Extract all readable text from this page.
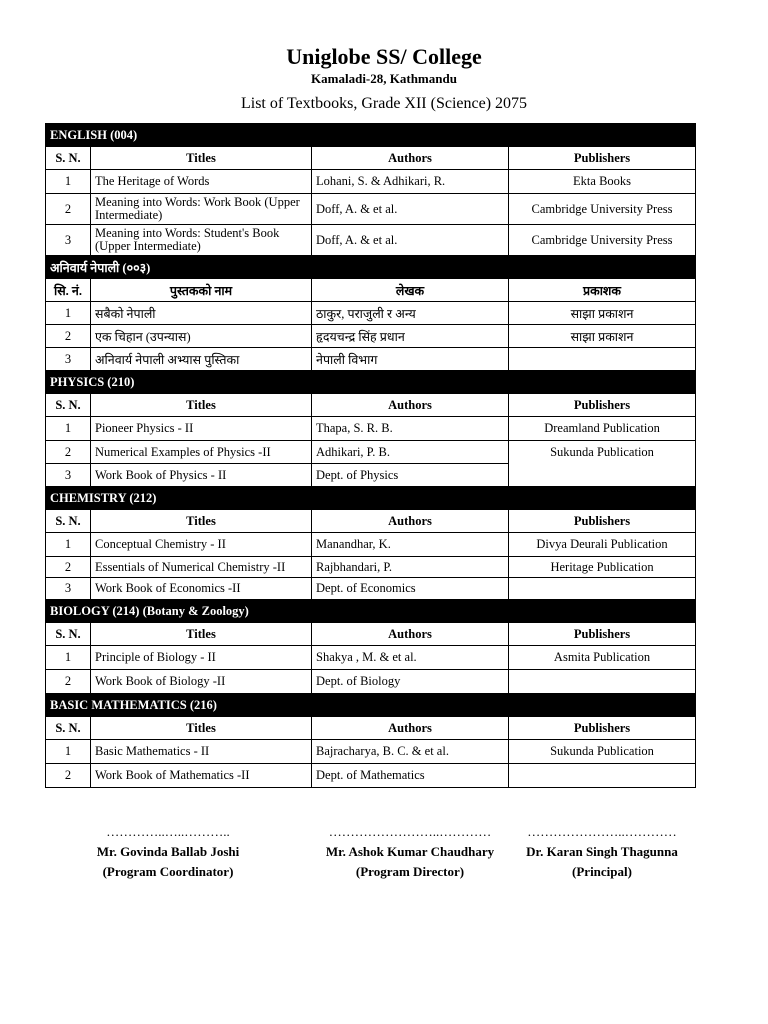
Uniglobe SS/ College
Kamaladi-28, Kathmandu
List of Textbooks, Grade XII (Science) 2075
ENGLISH (004)			
S. N.	Titles	Authors	Publishers
1	The Heritage of Words	Lohani, S. & Adhikari, R.	Ekta Books
2	Meaning into Words: Work Book (Upper Intermediate)	Doff, A. & et al.	Cambridge University Press
3	Meaning into Words: Student's Book (Upper Intermediate)	Doff, A. & et al.	Cambridge University Press
अनिवार्य नेपाली (००३)			
सि. नं.	पुस्तकको नाम	लेखक	प्रकाशक
1	सबैको नेपाली	ठाकुर, पराजुली र अन्य	साझा प्रकाशन
2	एक चिहान (उपन्यास)	हृदयचन्द्र सिंह प्रधान	साझा प्रकाशन
3	अनिवार्य नेपाली अभ्यास पुस्तिका	नेपाली विभाग	
PHYSICS (210)			
S. N.	Titles	Authors	Publishers
1	Pioneer Physics - II	Thapa, S. R. B.	Dreamland Publication
2	Numerical Examples of Physics -II	Adhikari, P. B.	Sukunda Publication
3	Work Book of Physics - II	Dept. of Physics	
CHEMISTRY (212)			
S. N.	Titles	Authors	Publishers
1	Conceptual Chemistry - II	Manandhar, K.	Divya Deurali Publication
2	Essentials of Numerical Chemistry -II	Rajbhandari, P.	Heritage Publication
3	Work Book of Economics -II	Dept. of Economics	
BIOLOGY (214) (Botany & Zoology)			
S. N.	Titles	Authors	Publishers
1	Principle of Biology - II	Shakya , M. & et al.	Asmita Publication
2	Work Book of Biology -II	Dept. of Biology	
BASIC MATHEMATICS (216)			
S. N.	Titles	Authors	Publishers
1	Basic Mathematics - II	Bajracharya, B. C. & et al.	Sukunda Publication
2	Work Book of Mathematics -II	Dept. of Mathematics	
…………..…..………..
Mr. Govinda Ballab Joshi
(Program Coordinator)
……………………..…………
Mr. Ashok Kumar Chaudhary
(Program Director)
…………………..…………
Dr. Karan Singh Thagunna
(Principal)
